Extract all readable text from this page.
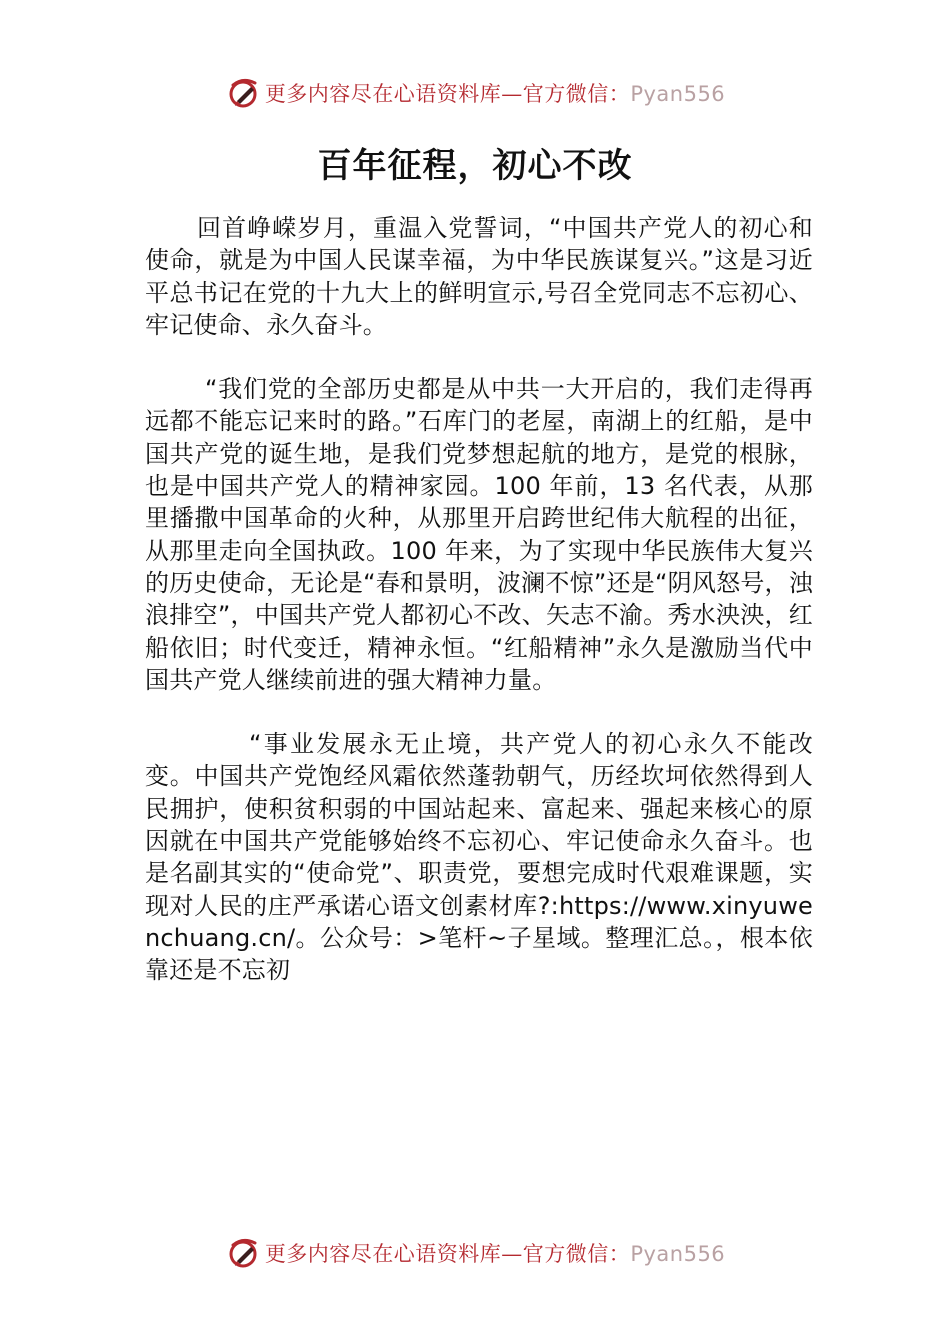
更多内容尽在心语资料库—官方微信：Pyan556
百年征程，初心不改

回首峥嵘岁月，重温入党誓词，“中国共产党人的初心和使命，就是为中国人民谋幸福，为中华民族谋复兴。”这是习近平总书记在党的十九大上的鲜明宣示,号召全党同志不忘初心、牢记使命、永久奋斗。

“我们党的全部历史都是从中共一大开启的，我们走得再远都不能忘记来时的路。”石库门的老屋，南湖上的红船，是中国共产党的诞生地，是我们党梦想起航的地方，是党的根脉，也是中国共产党人的精神家园。100 年前，13 名代表，从那里播撒中国革命的火种，从那里开启跨世纪伟大航程的出征，从那里走向全国执政。100 年来，为了实现中华民族伟大复兴的历史使命，无论是“春和景明，波澜不惊”还是“阴风怒号，浊浪排空”，中国共产党人都初心不改、矢志不渝。秀水泱泱，红船依旧；时代变迁，精神永恒。“红船精神”永久是激励当代中国共产党人继续前进的强大精神力量。

“事业发展永无止境，共产党人的初心永久不能改变。中国共产党饱经风霜依然蓬勃朝气，历经坎坷依然得到人民拥护，使积贫积弱的中国站起来、富起来、强起来核心的原因就在中国共产党能够始终不忘初心、牢记使命永久奋斗。也是名副其实的“使命党”、职责党，要想完成时代艰难课题，实现对人民的庄严承诺心语文创素材库?:https://www.xinyuwenchuang.cn/。公众号：>笔杆~子星域。整理汇总。，根本依靠还是不忘初

更多内容尽在心语资料库—官方微信：Pyan556
